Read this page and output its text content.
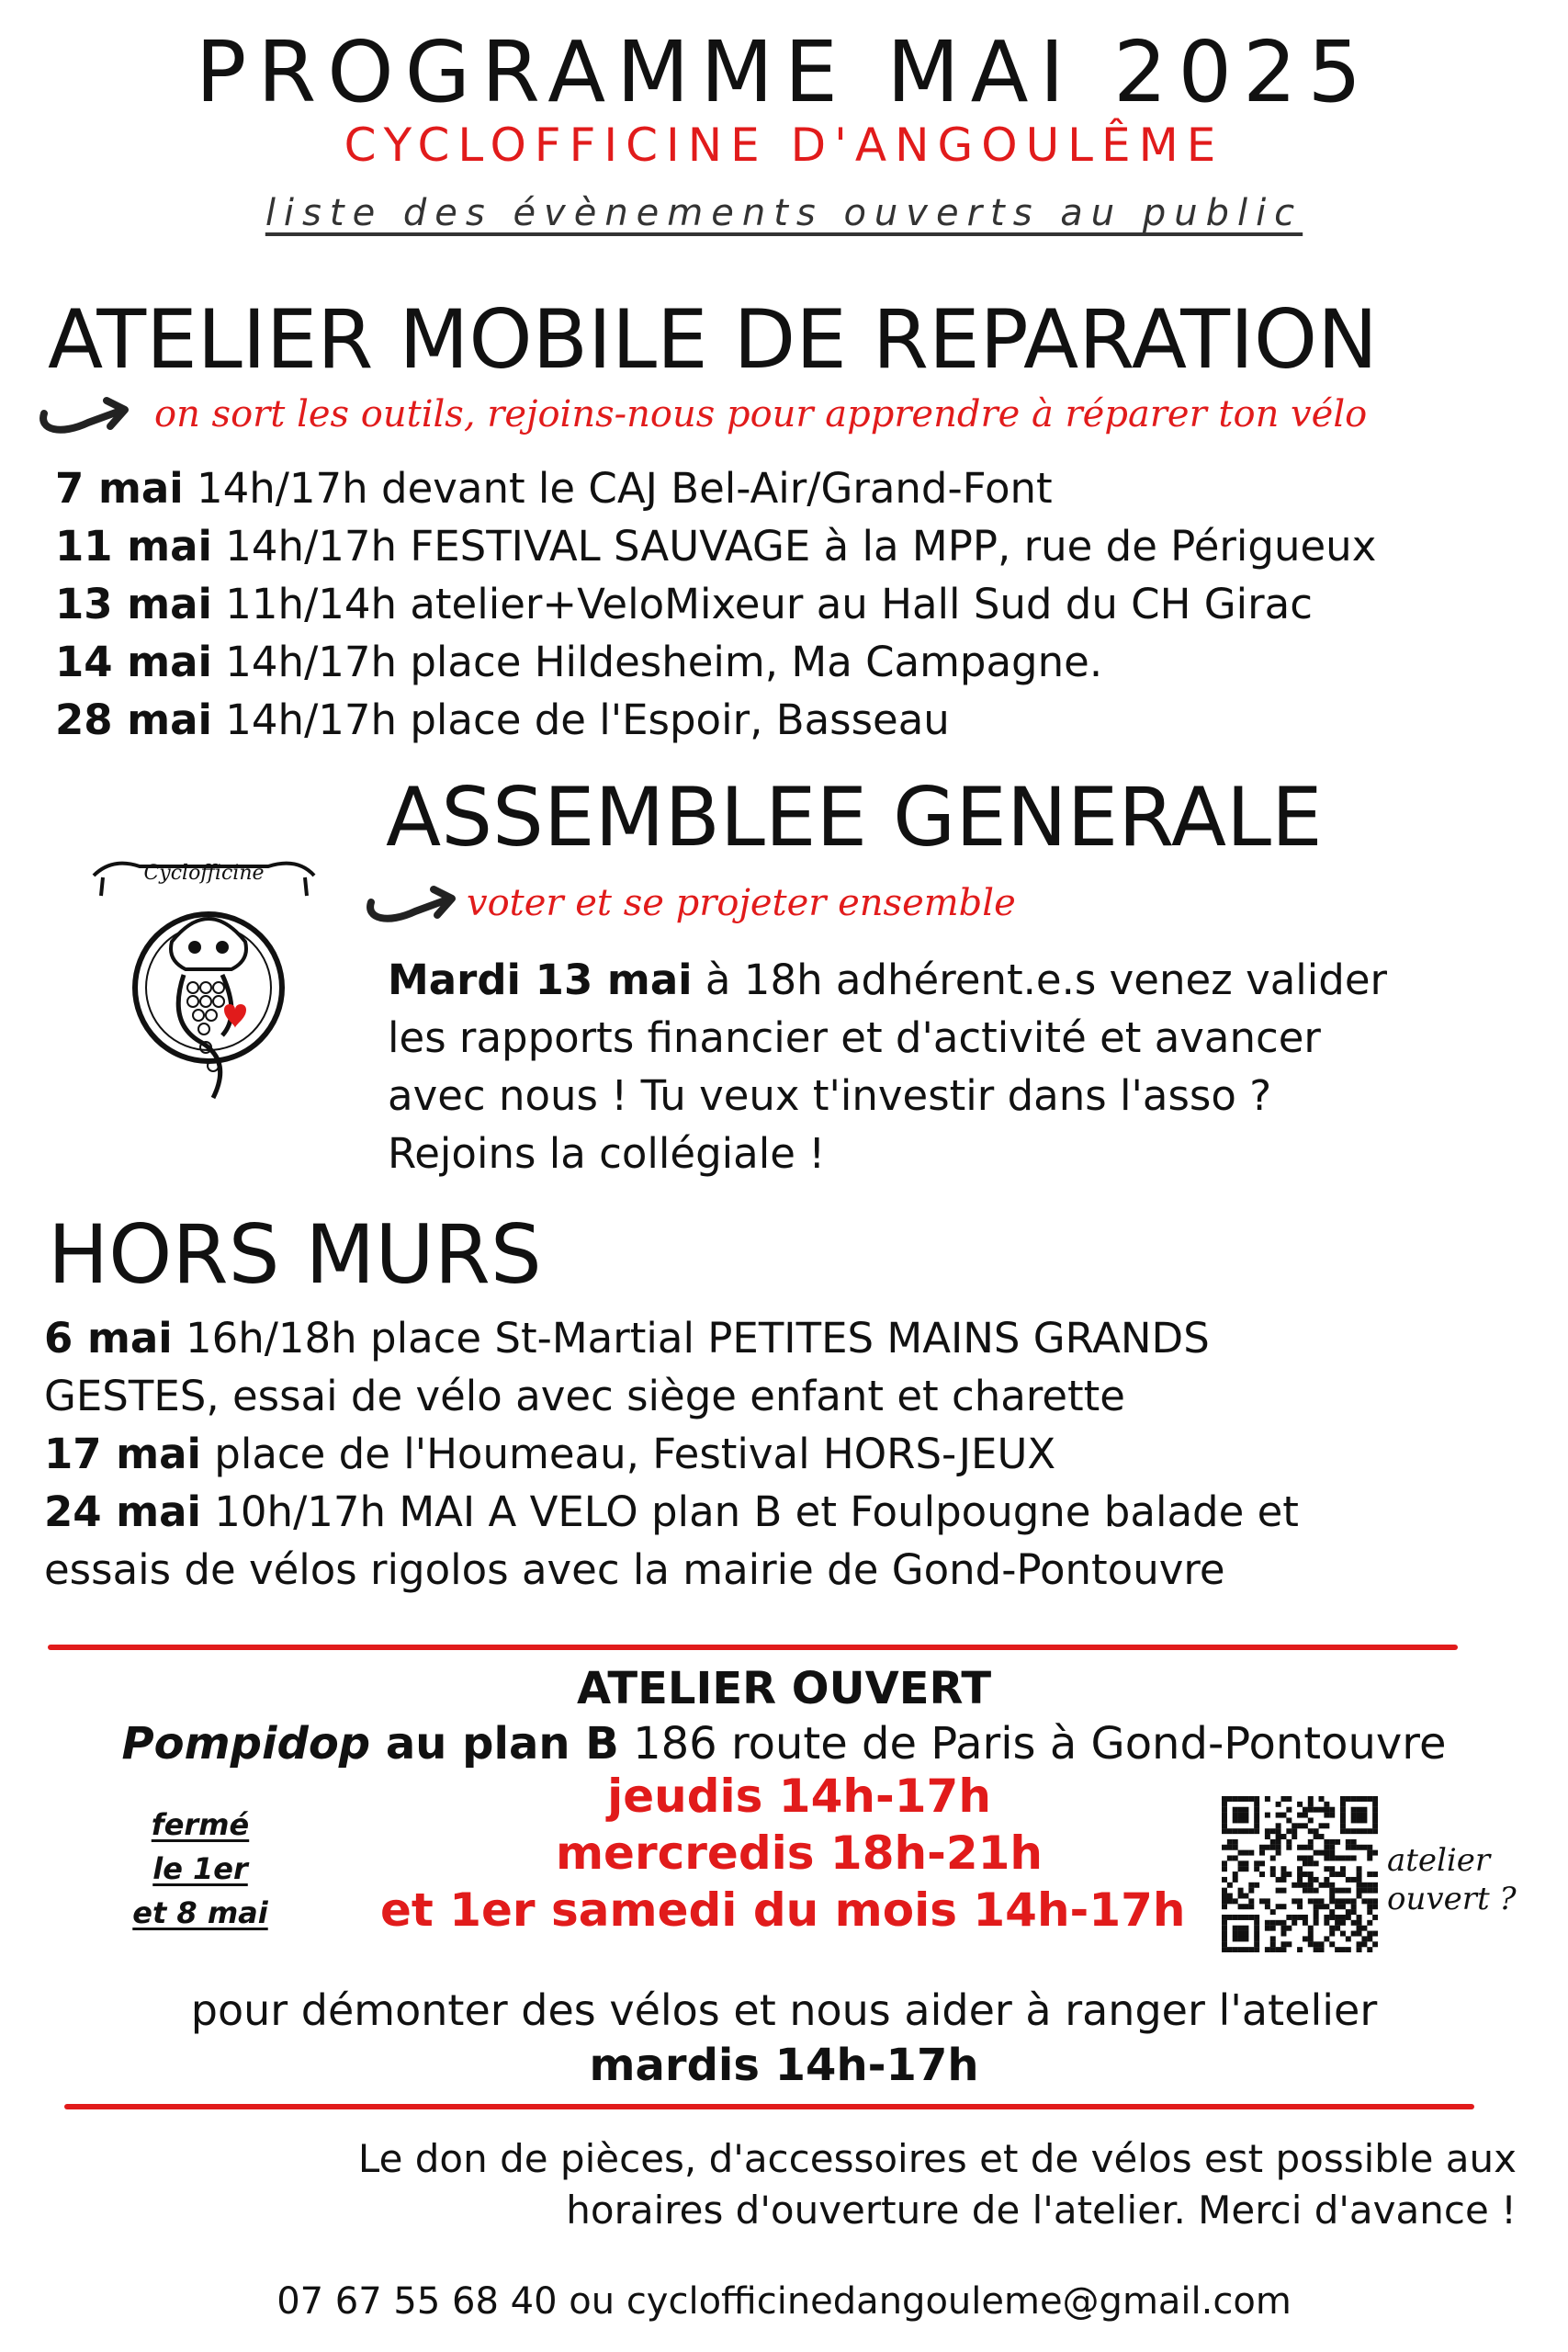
PROGRAMME MAI 2025
CYCLOFFICINE D'ANGOULÊME
liste des évènements ouverts au public
ATELIER MOBILE DE REPARATION
on sort les outils, rejoins-nous pour apprendre à réparer ton vélo
7 mai 14h/17h devant le CAJ Bel-Air/Grand-Font
11 mai 14h/17h FESTIVAL SAUVAGE à la MPP, rue de Périgueux
13 mai 11h/14h atelier+VeloMixeur au Hall Sud du CH Girac
14 mai 14h/17h place Hildesheim, Ma Campagne.
28 mai 14h/17h place de l'Espoir, Basseau
ASSEMBLEE GENERALE
Cyclofficine
voter et se projeter ensemble
Mardi 13 mai à 18h adhérent.e.s venez valider
les rapports financier et d'activité et avancer
avec nous ! Tu veux t'investir dans l'asso ?
Rejoins la collégiale !
HORS MURS
6 mai 16h/18h place St-Martial PETITES MAINS GRANDS
GESTES, essai de vélo avec siège enfant et charette
17 mai place de l'Houmeau, Festival HORS-JEUX
24 mai 10h/17h MAI A VELO plan B et Foulpougne balade et
essais de vélos rigolos avec la mairie de Gond-Pontouvre
ATELIER OUVERT
Pompidop au plan B 186 route de Paris à Gond-Pontouvre
fermé
le 1er
et 8 mai
jeudis 14h-17h
mercredis 18h-21h
et 1er samedi du mois 14h-17h
atelier
ouvert ?
pour démonter des vélos et nous aider à ranger l'atelier
mardis 14h-17h
Le don de pièces, d'accessoires et de vélos est possible aux
horaires d'ouverture de l'atelier. Merci d'avance !
07 67 55 68 40 ou cyclofficinedangouleme@gmail.com
